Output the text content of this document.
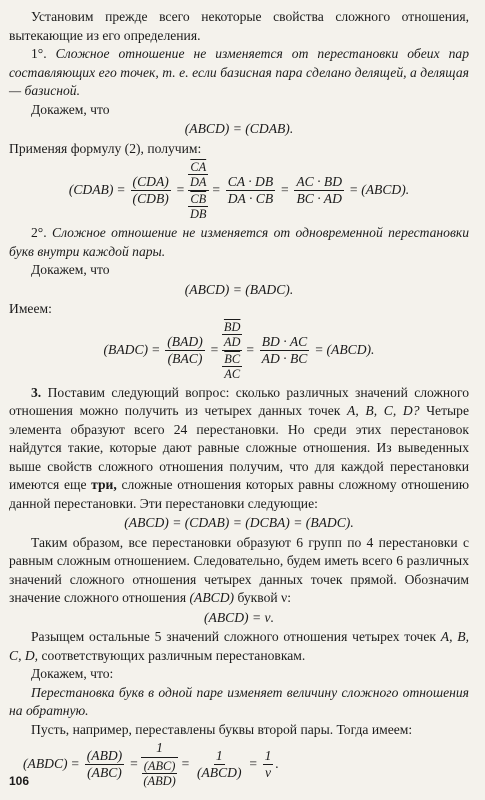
Установим прежде всего некоторые свойства сложного отношения, вытекающие из его определения.

1°. Сложное отношение не изменяется от перестановки обеих пар составляющих его точек, т. е. если базисная пара сделано делящей, а делящая — базисной.

Докажем, что

(ABCD) = (CDAB).

Применяя формулу (2), получим:

(CDAB) = $\frac{\text{(CDA)}}{\text{(CDB)}}$ =
$\frac{\overline{CA}}{DA}$
$\frac{\overline{CB}}{DB}$
= $\frac{CA \cdot DB}{DA \cdot CB} = \frac{AC \cdot BD}{BC \cdot AD}$ = (ABCD).

2°. Сложное отношение не изменяется от одновременной перестановки букв внутри каждой пары.

Докажем, что

(ABCD) = (BADC).

Имеем:

(BADC) = $\frac{\text{(BAD)}}{\text{(BAC)}}$ =
$\frac{\overline{BD}}{AD}$
$\frac{\overline{BC}}{AC}$
= $\frac{BD \cdot AC}{AD \cdot BC}$ = (ABCD).

3. Поставим следующий вопрос: сколько различных значений сложного отношения можно получить из четырех данных точек A, B, C, D? Четыре элемента образуют всего 24 перестановки. Но среди этих перестановок найдутся такие, которые дают равные сложные отношения. Из выведенных выше свойств сложного отношения получим, что для каждой перестановки имеются еще три, сложные отношения которых равны сложному отношению данной перестановки. Эти перестановки следующие:

(ABCD) = (CDAB) = (DCBA) = (BADC).

Таким образом, все перестановки образуют 6 групп по 4 перестановки с равным сложным отношением. Следовательно, будем иметь всего 6 различных значений сложного отношения четырех данных точек прямой. Обозначим значение сложного отношения (ABCD) буквой ν:

(ABCD) = ν.

Разыщем остальные 5 значений сложного отношения четырех точек A, B, C, D, соответствующих различным перестановкам.

Докажем, что:

Перестановка букв в одной паре изменяет величину сложного отношения на обратную.

Пусть, например, переставлены буквы второй пары. Тогда имеем:

(ABDC) = $\frac{\text{(ABD)}}{\text{(ABC)}}$ =
1
$\frac{\text{(ABC)}}{\text{(ABD)}} = \frac{1}{\text{(ABCD)}} = \frac{1}{\nu}$ .
106
